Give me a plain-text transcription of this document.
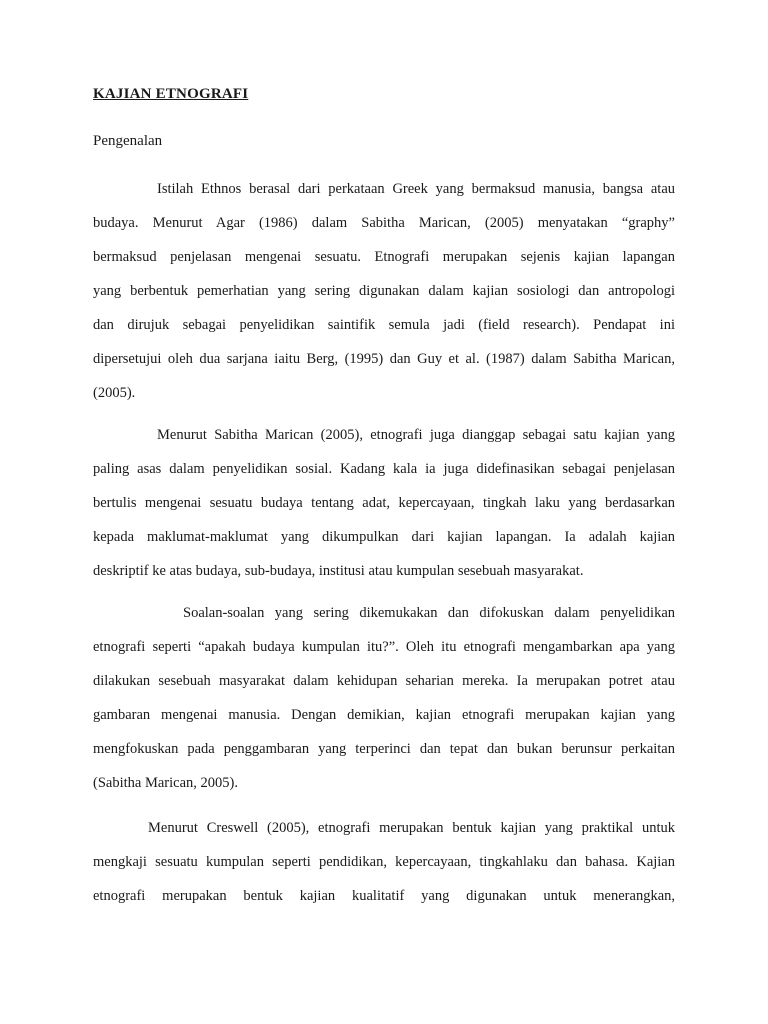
KAJIAN ETNOGRAFI
Pengenalan
Istilah Ethnos berasal dari perkataan Greek yang bermaksud manusia, bangsa atau
budaya. Menurut Agar (1986) dalam Sabitha Marican, (2005) menyatakan “graphy”
bermaksud penjelasan mengenai sesuatu. Etnografi merupakan sejenis kajian lapangan
yang berbentuk pemerhatian yang sering digunakan dalam kajian sosiologi dan antropologi
dan dirujuk sebagai penyelidikan saintifik semula jadi (field research). Pendapat ini
dipersetujui oleh dua sarjana iaitu Berg, (1995) dan Guy et al. (1987) dalam Sabitha Marican,
(2005).
Menurut Sabitha Marican (2005), etnografi juga dianggap sebagai satu kajian yang
paling asas dalam penyelidikan sosial. Kadang kala ia juga didefinasikan sebagai penjelasan
bertulis mengenai sesuatu budaya tentang adat, kepercayaan, tingkah laku yang berdasarkan
kepada maklumat-maklumat yang dikumpulkan dari kajian lapangan. Ia adalah kajian
deskriptif ke atas budaya, sub-budaya, institusi atau kumpulan sesebuah masyarakat.
Soalan-soalan yang sering dikemukakan dan difokuskan dalam penyelidikan
etnografi seperti “apakah budaya kumpulan itu?”. Oleh itu etnografi mengambarkan apa yang
dilakukan sesebuah masyarakat dalam kehidupan seharian mereka. Ia merupakan potret atau
gambaran mengenai manusia. Dengan demikian, kajian etnografi merupakan kajian yang
mengfokuskan pada penggambaran yang terperinci dan tepat dan bukan berunsur perkaitan
(Sabitha Marican, 2005).
Menurut Creswell (2005), etnografi merupakan bentuk kajian yang praktikal untuk
mengkaji sesuatu kumpulan seperti pendidikan, kepercayaan, tingkahlaku dan bahasa. Kajian
etnografi merupakan bentuk kajian kualitatif yang digunakan untuk menerangkan,
